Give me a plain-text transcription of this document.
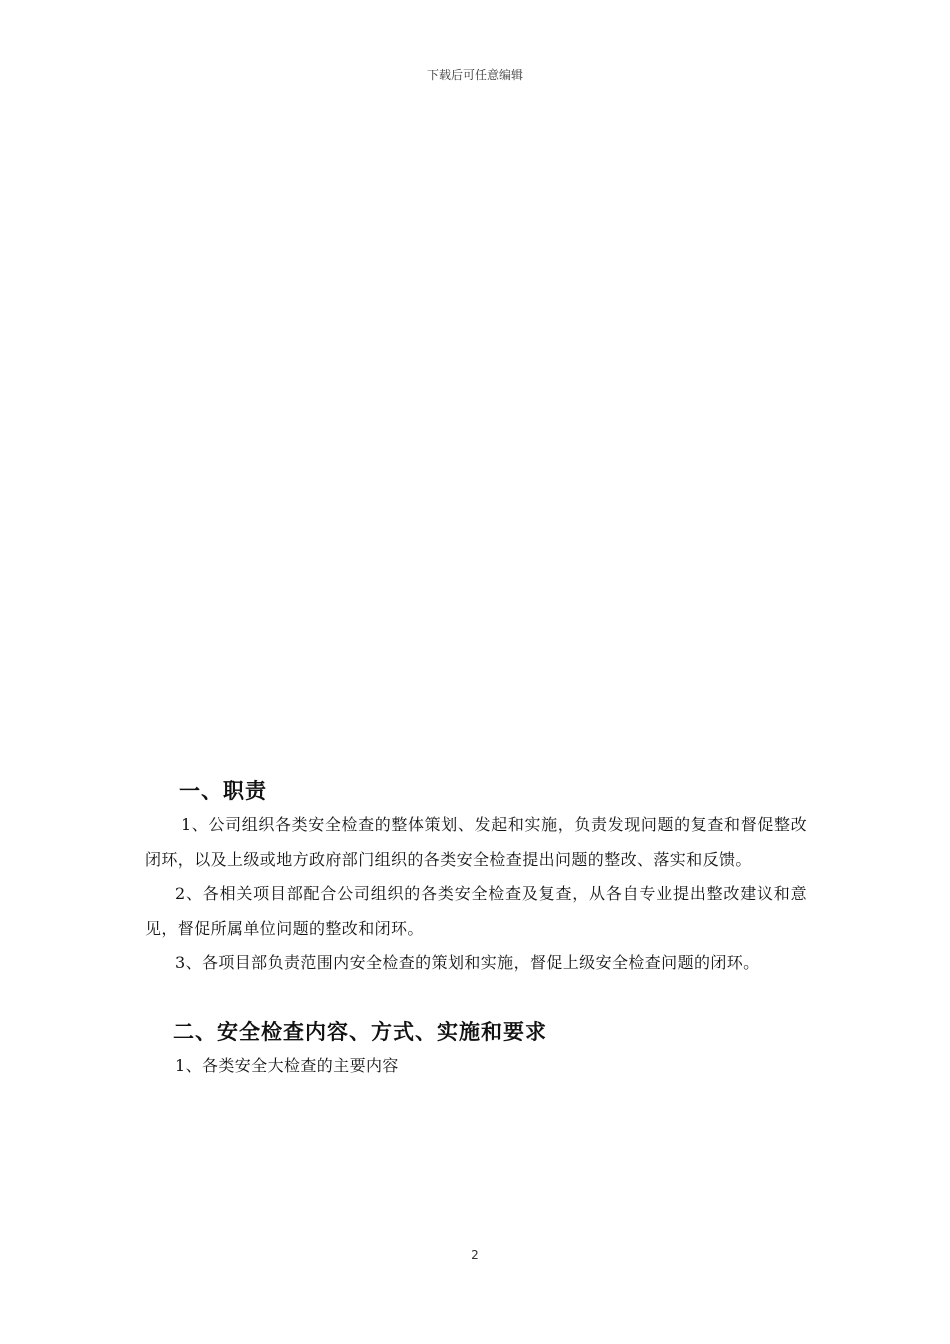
下载后可任意编辑
一、职责

1、公司组织各类安全检查的整体策划、发起和实施，负责发现问题的复查和督促整改闭环，以及上级或地方政府部门组织的各类安全检查提出问题的整改、落实和反馈。

2、各相关项目部配合公司组织的各类安全检查及复查，从各自专业提出整改建议和意见，督促所属单位问题的整改和闭环。

3、各项目部负责范围内安全检查的策划和实施，督促上级安全检查问题的闭环。

二、安全检查内容、方式、实施和要求

1、各类安全大检查的主要内容

2
